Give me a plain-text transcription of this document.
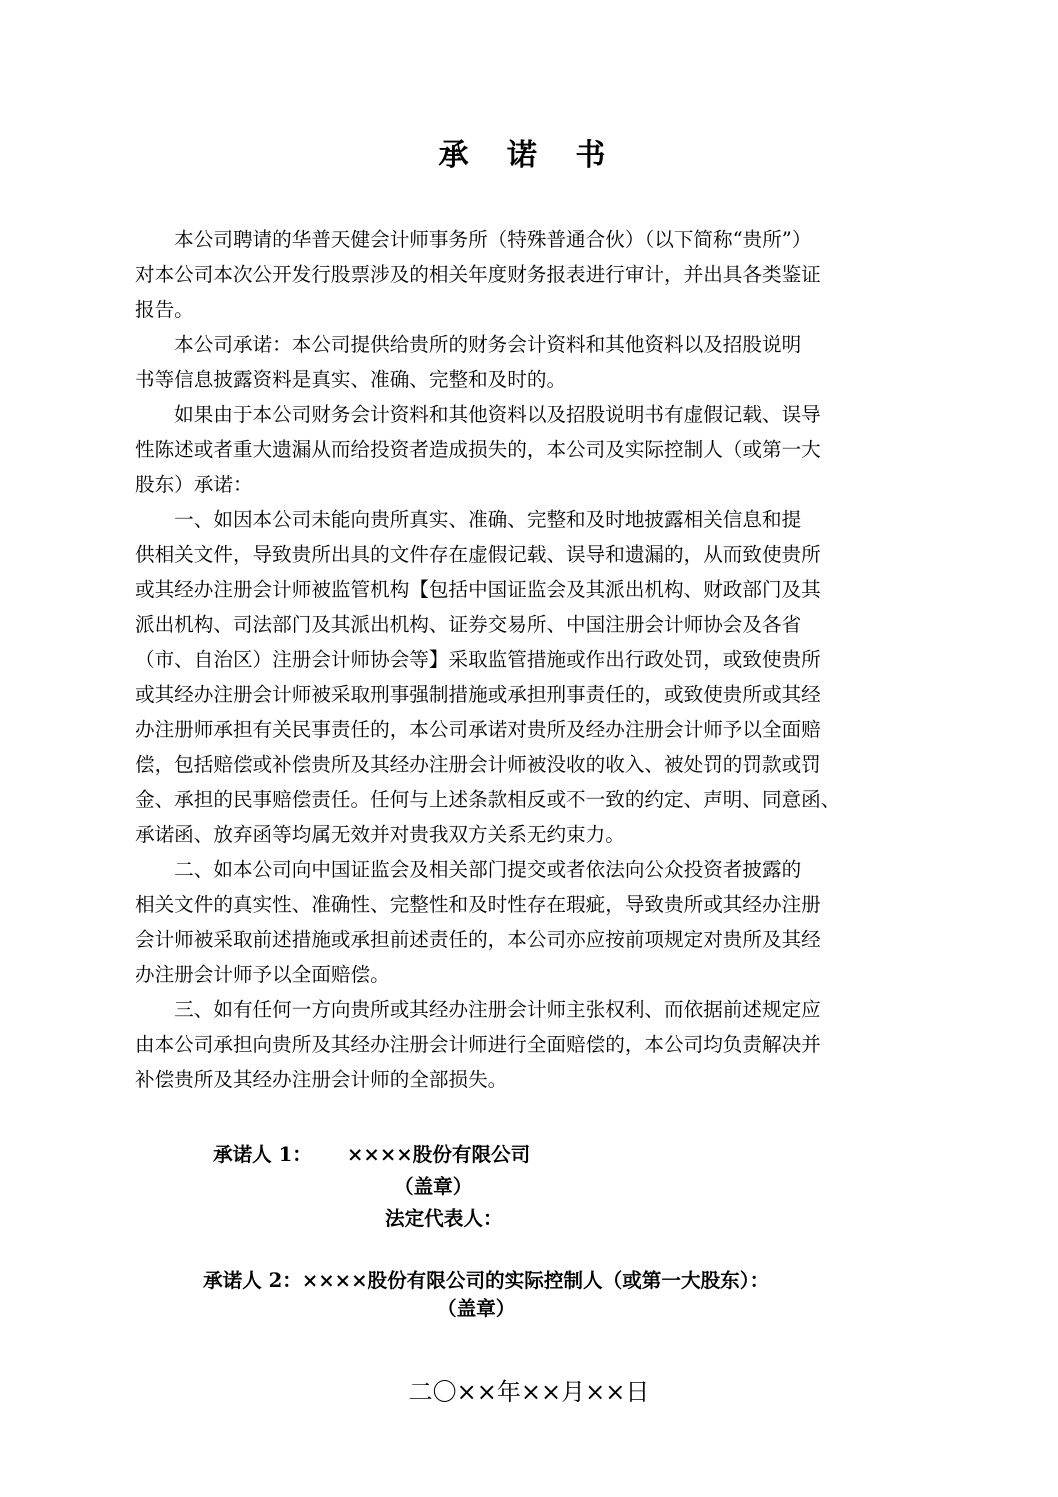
承 诺 书
　　本公司聘请的华普天健会计师事务所（特殊普通合伙）（以下简称“贵所”）
对本公司本次公开发行股票涉及的相关年度财务报表进行审计，并出具各类鉴证
报告。
　　本公司承诺：本公司提供给贵所的财务会计资料和其他资料以及招股说明
书等信息披露资料是真实、准确、完整和及时的。
　　如果由于本公司财务会计资料和其他资料以及招股说明书有虚假记载、误导
性陈述或者重大遗漏从而给投资者造成损失的，本公司及实际控制人（或第一大
股东）承诺：
　　一、如因本公司未能向贵所真实、准确、完整和及时地披露相关信息和提
供相关文件，导致贵所出具的文件存在虚假记载、误导和遗漏的，从而致使贵所
或其经办注册会计师被监管机构【包括中国证监会及其派出机构、财政部门及其
派出机构、司法部门及其派出机构、证券交易所、中国注册会计师协会及各省
（市、自治区）注册会计师协会等】采取监管措施或作出行政处罚，或致使贵所
或其经办注册会计师被采取刑事强制措施或承担刑事责任的，或致使贵所或其经
办注册师承担有关民事责任的，本公司承诺对贵所及经办注册会计师予以全面赔
偿，包括赔偿或补偿贵所及其经办注册会计师被没收的收入、被处罚的罚款或罚
金、承担的民事赔偿责任。任何与上述条款相反或不一致的约定、声明、同意函、
承诺函、放弃函等均属无效并对贵我双方关系无约束力。
　　二、如本公司向中国证监会及相关部门提交或者依法向公众投资者披露的
相关文件的真实性、准确性、完整性和及时性存在瑕疵，导致贵所或其经办注册
会计师被采取前述措施或承担前述责任的，本公司亦应按前项规定对贵所及其经
办注册会计师予以全面赔偿。
　　三、如有任何一方向贵所或其经办注册会计师主张权利、而依据前述规定应
由本公司承担向贵所及其经办注册会计师进行全面赔偿的，本公司均负责解决并
补偿贵所及其经办注册会计师的全部损失。
承诺人 1： ××××股份有限公司
（盖章）
法定代表人：
承诺人 2：××××股份有限公司的实际控制人（或第一大股东）：
（盖章）
二〇××年××月××日
